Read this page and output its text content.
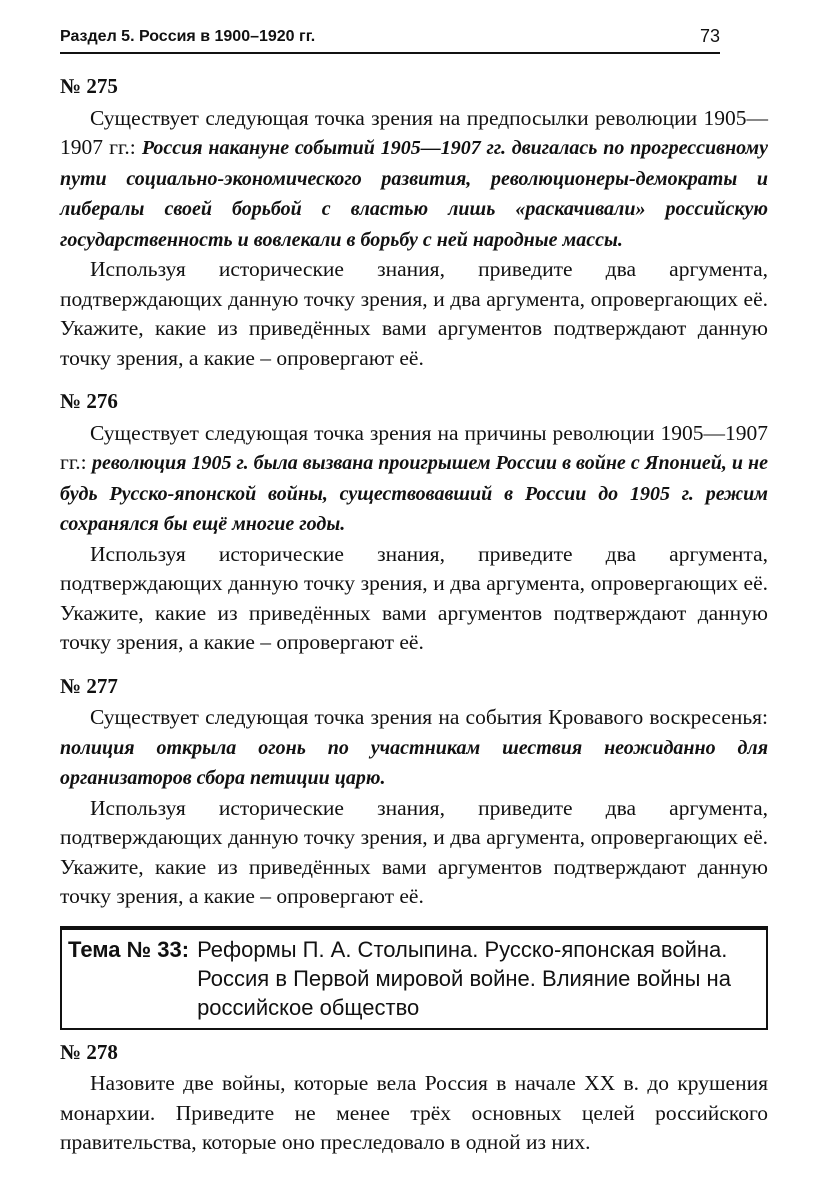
Раздел 5. Россия в 1900–1920 гг.	73
№ 275

Существует следующая точка зрения на предпосылки революции 1905—1907 гг.: Россия накануне событий 1905—1907 гг. двигалась по прогрессивному пути социально-экономического развития, революционеры-демократы и либералы своей борьбой с властью лишь «раскачивали» российскую государственность и вовлекали в борьбу с ней народные массы.

Используя исторические знания, приведите два аргумента, подтверждающих данную точку зрения, и два аргумента, опровергающих её. Укажите, какие из приведённых вами аргументов подтверждают данную точку зрения, а какие – опровергают её.

№ 276

Существует следующая точка зрения на причины революции 1905—1907 гг.: революция 1905 г. была вызвана проигрышем России в войне с Японией, и не будь Русско-японской войны, существовавший в России до 1905 г. режим сохранялся бы ещё многие годы.

Используя исторические знания, приведите два аргумента, подтверждающих данную точку зрения, и два аргумента, опровергающих её. Укажите, какие из приведённых вами аргументов подтверждают данную точку зрения, а какие – опровергают её.

№ 277

Существует следующая точка зрения на события Кровавого воскресенья: полиция открыла огонь по участникам шествия неожиданно для организаторов сбора петиции царю.

Используя исторические знания, приведите два аргумента, подтверждающих данную точку зрения, и два аргумента, опровергающих её. Укажите, какие из приведённых вами аргументов подтверждают данную точку зрения, а какие – опровергают её.

Тема № 33: Реформы П. А. Столыпина. Русско-японская война. Россия в Первой мировой войне. Влияние войны на российское общество
№ 278

Назовите две войны, которые вела Россия в начале XX в. до крушения монархии. Приведите не менее трёх основных целей российского правительства, которые оно преследовало в одной из них.
